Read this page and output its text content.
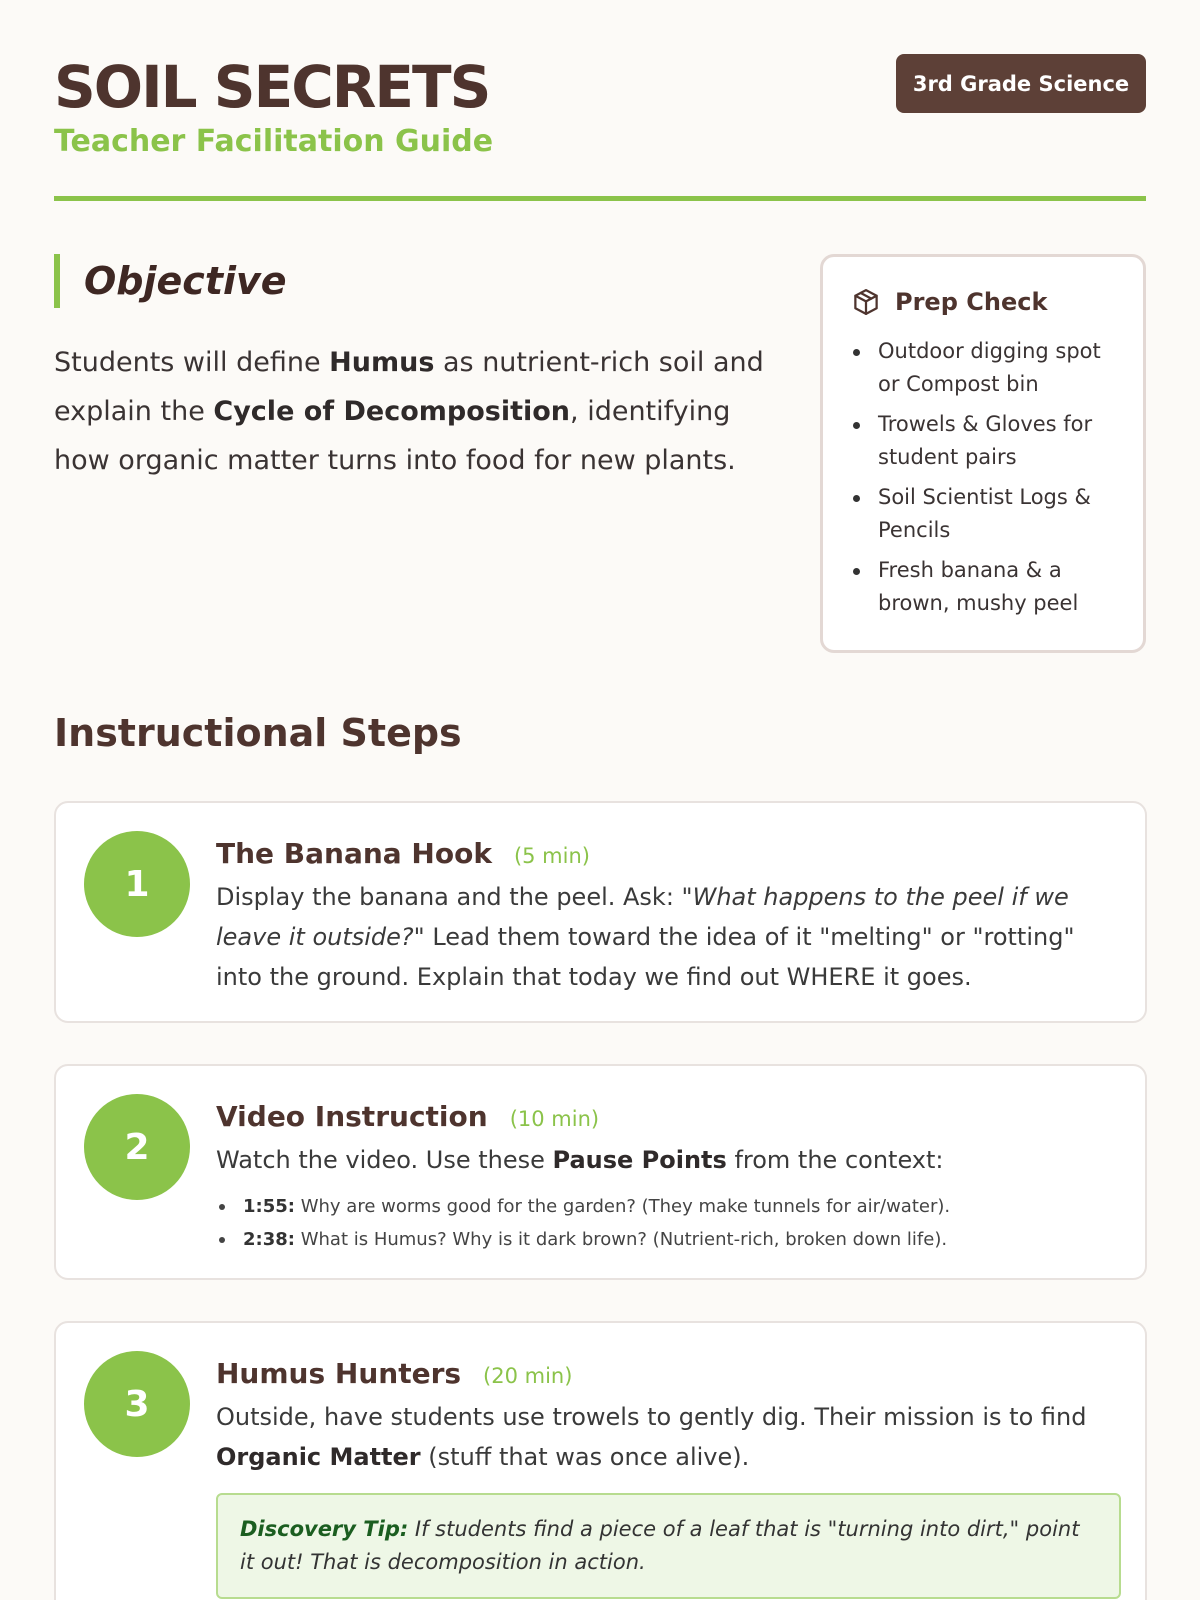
SOIL SECRETS
Teacher Facilitation Guide
3rd Grade Science
Objective

Students will define Humus as nutrient-rich soil and explain the Cycle of Decomposition, identifying how organic matter turns into food for new plants.

Prep Check
Outdoor digging spot or Compost bin
Trowels & Gloves for student pairs
Soil Scientist Logs & Pencils
Fresh banana & a brown, mushy peel
Instructional Steps
1
The Banana Hook (5 min)

Display the banana and the peel. Ask: "What happens to the peel if we leave it outside?" Lead them toward the idea of it "melting" or "rotting" into the ground. Explain that today we find out WHERE it goes.

2
Video Instruction (10 min)

Watch the video. Use these Pause Points from the context:

1:55: Why are worms good for the garden? (They make tunnels for air/water).
2:38: What is Humus? Why is it dark brown? (Nutrient-rich, broken down life).
3
Humus Hunters (20 min)

Outside, have students use trowels to gently dig. Their mission is to find Organic Matter (stuff that was once alive).

Discovery Tip: If students find a piece of a leaf that is "turning into dirt," point it out! That is decomposition in action.
